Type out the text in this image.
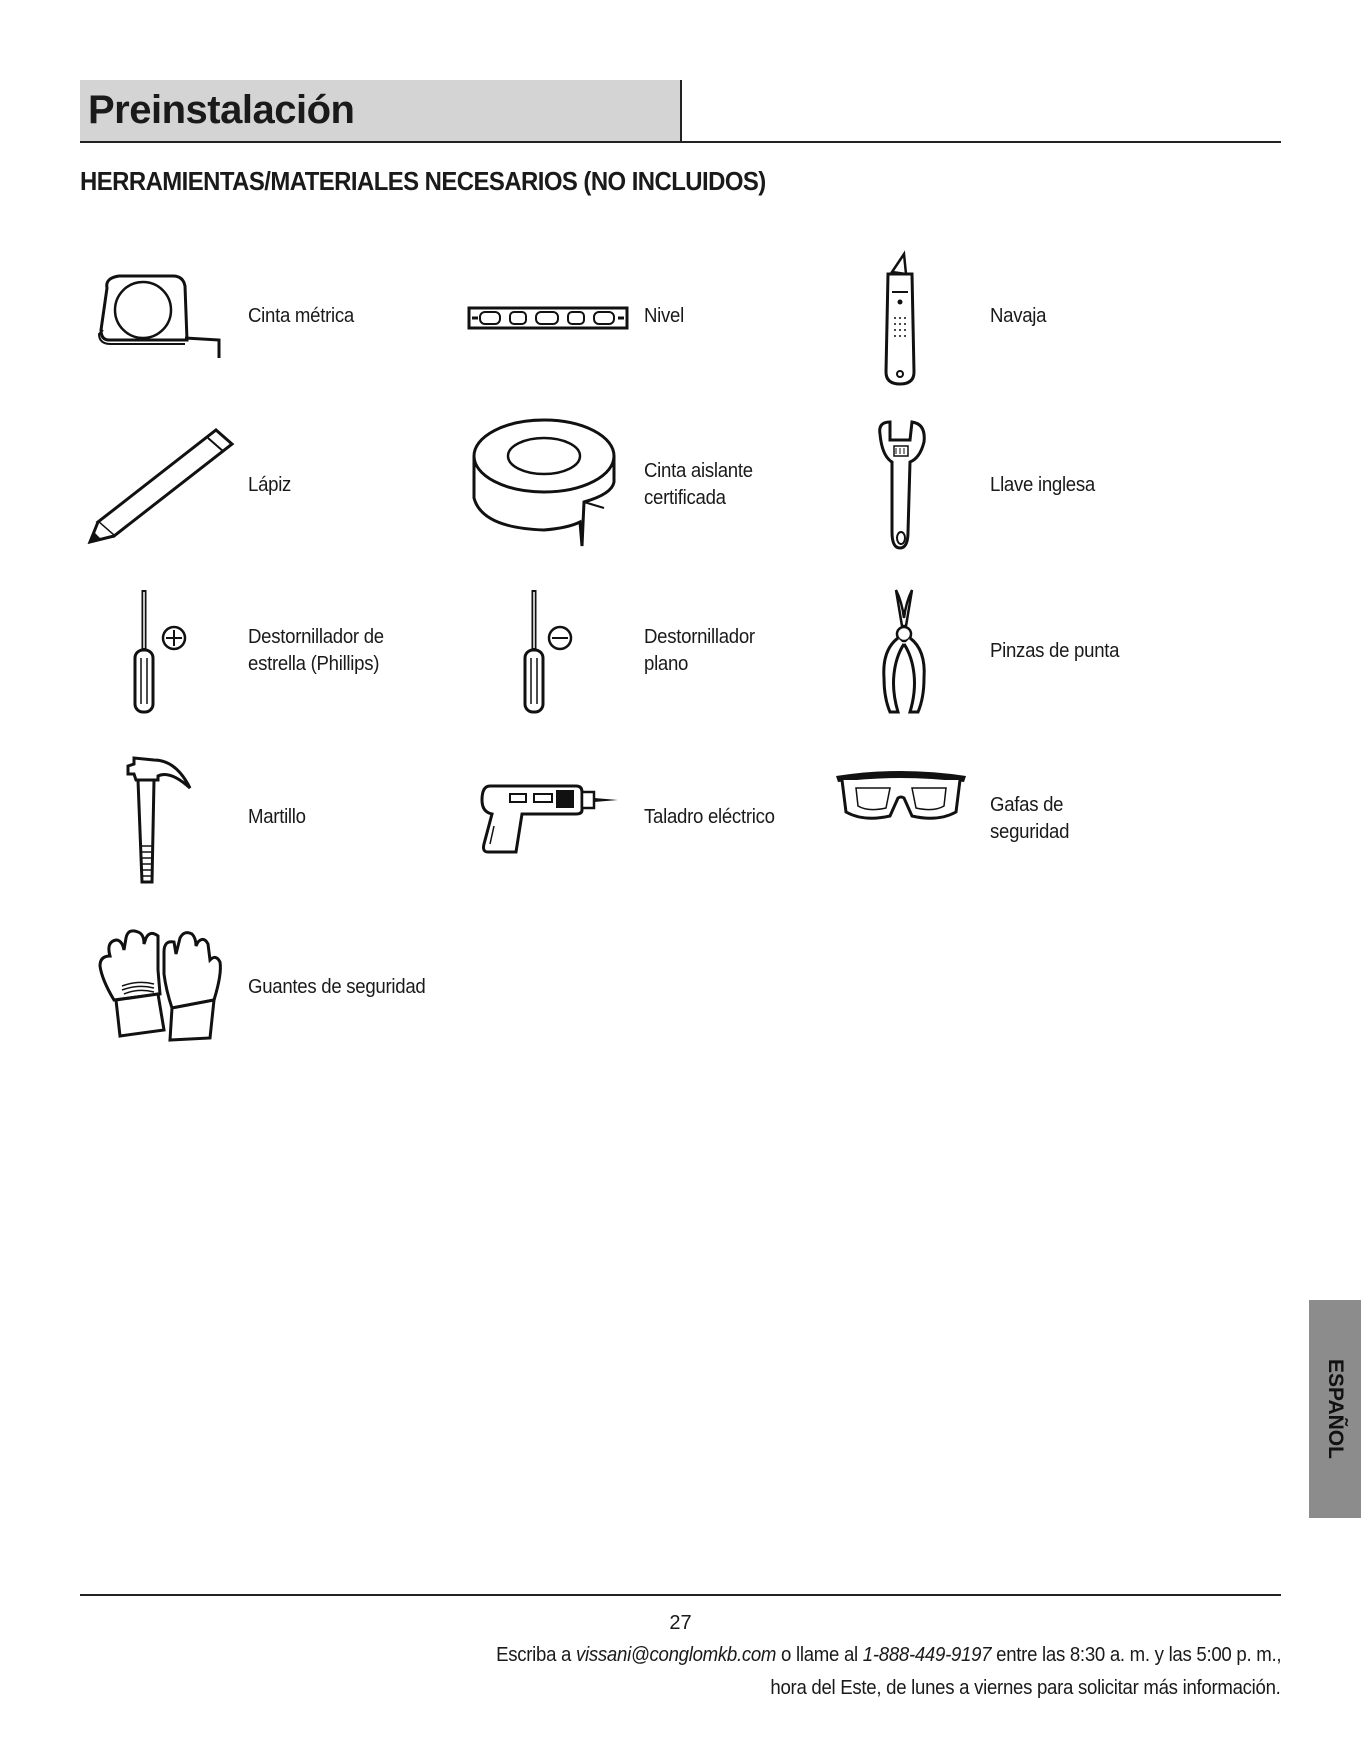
Preinstalación
HERRAMIENTAS/MATERIALES NECESARIOS (NO INCLUIDOS)
Cinta métrica	Nivel	Navaja
Lápiz
Cinta aislante
certificada
Llave inglesa
Destornillador de
estrella (Phillips)
Destornillador
plano
Pinzas de punta
Martillo	Taladro eléctrico
Gafas de
seguridad
Guantes de seguridad
ESPAÑOL
27
Escriba a vissani@conglomkb.com o llame al 1-888-449-9197 entre las 8:30 a. m. y las 5:00 p. m.,
hora del Este, de lunes a viernes para solicitar más información.
